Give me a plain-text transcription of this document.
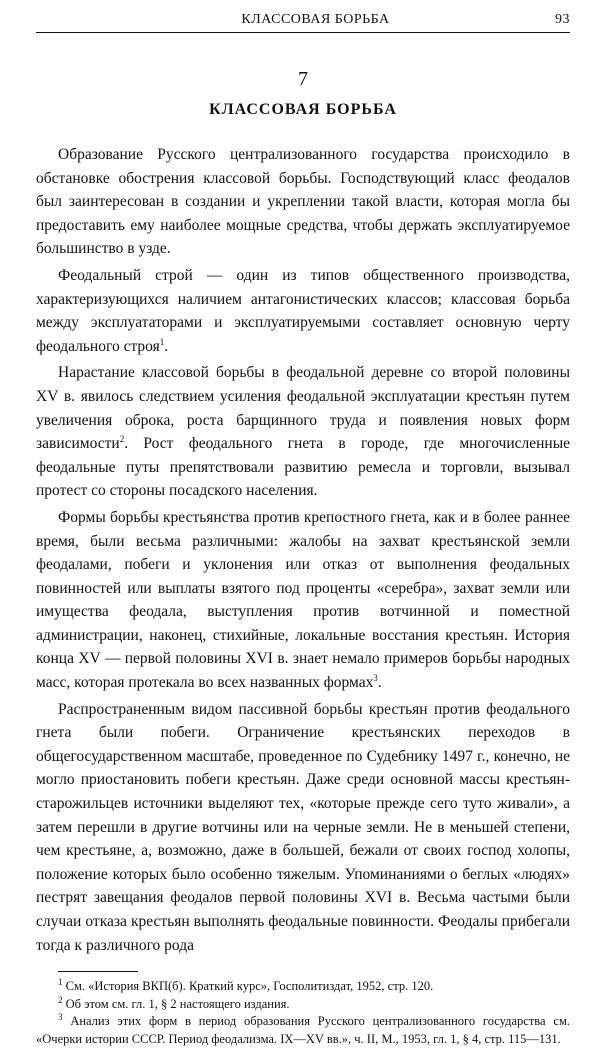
КЛАССОВАЯ БОРЬБА	93
7
КЛАССОВАЯ БОРЬБА

Образование Русского централизованного государства происходило в обстановке обострения классовой борьбы. Господствующий класс феодалов был заинтересован в создании и укреплении такой власти, которая могла бы предоставить ему наиболее мощные средства, чтобы держать эксплуатируемое большинство в узде.

Феодальный строй — один из типов общественного производства, характеризующихся наличием антагонистических классов; классовая борьба между эксплуататорами и эксплуатируемыми составляет основную черту феодального строя$^1$.

Нарастание классовой борьбы в феодальной деревне со второй половины XV в. явилось следствием усиления феодальной эксплуатации крестьян путем увеличения оброка, роста барщинного труда и появления новых форм зависимости$^2$. Рост феодального гнета в городе, где многочисленные феодальные путы препятствовали развитию ремесла и торговли, вызывал протест со стороны посадского населения.

Формы борьбы крестьянства против крепостного гнета, как и в более раннее время, были весьма различными: жалобы на захват крестьянской земли феодалами, побеги и уклонения или отказ от выполнения феодальных повинностей или выплаты взятого под проценты «серебра», захват земли или имущества феодала, выступления против вотчинной и поместной администрации, наконец, стихийные, локальные восстания крестьян. История конца XV — первой половины XVI в. знает немало примеров борьбы народных масс, которая протекала во всех названных формах$^3$.

Распространенным видом пассивной борьбы крестьян против феодального гнета были побеги. Ограничение крестьянских переходов в общегосударственном масштабе, проведенное по Судебнику 1497 г., конечно, не могло приостановить побеги крестьян. Даже среди основной массы крестьян-старожильцев источники выделяют тех, «которые прежде сего туто живали», а затем перешли в другие вотчины или на черные земли. Не в меньшей степени, чем крестьяне, а, возможно, даже в большей, бежали от своих господ холопы, положение которых было особенно тяжелым. Упоминаниями о беглых «людях» пестрят завещания феодалов первой половины XVI в. Весьма частыми были случаи отказа крестьян выполнять феодальные повинности. Феодалы прибегали тогда к различного рода

$^1$ См. «История ВКП(б). Краткий курс», Госполитиздат, 1952, стр. 120.

$^2$ Об этом см. гл. 1, § 2 настоящего издания.

$^3$ Анализ этих форм в период образования Русского централизованного государства см. «Очерки истории СССР. Период феодализма. IX—XV вв.», ч. II, М., 1953, гл. 1, § 4, стр. 115—131.
